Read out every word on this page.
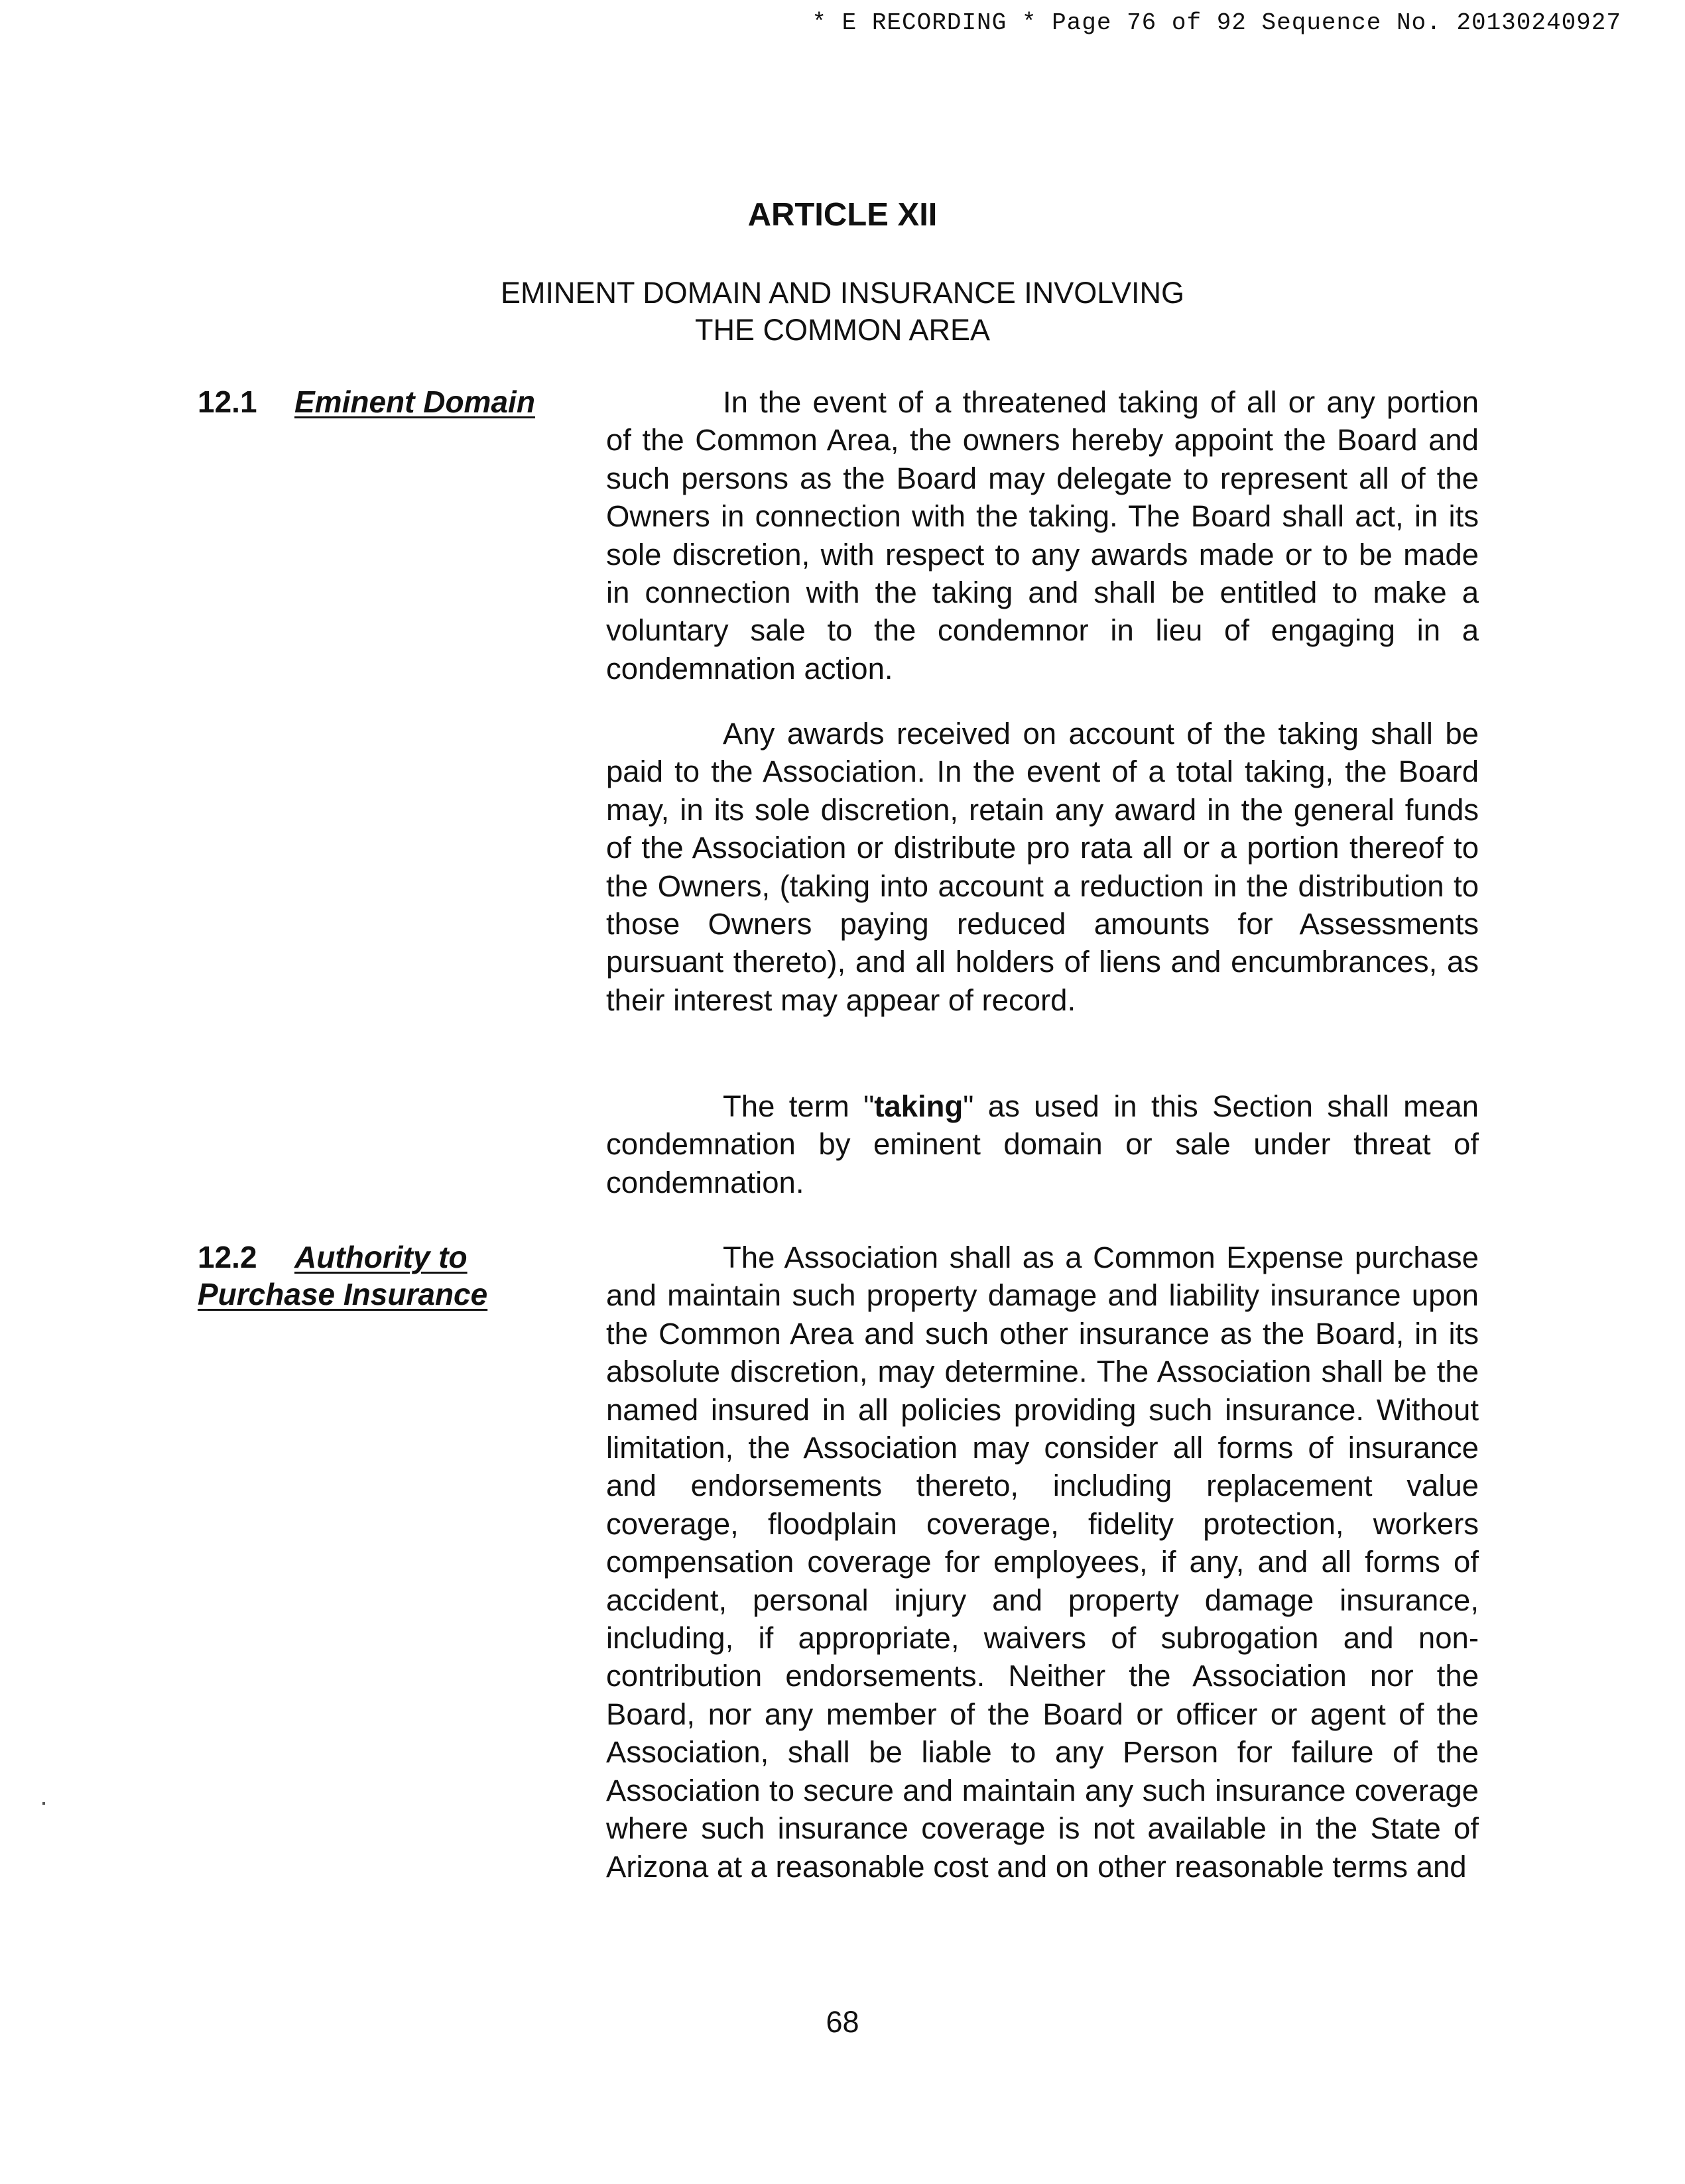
* E RECORDING * Page 76 of 92 Sequence No. 20130240927
ARTICLE XII
EMINENT DOMAIN AND INSURANCE INVOLVING
THE COMMON AREA
12.1 Eminent Domain	In the event of a threatened taking of all or any portion of the Common Area, the owners hereby appoint the Board and such persons as the Board may delegate to represent all of the Owners in connection with the taking. The Board shall act, in its sole discretion, with respect to any awards made or to be made in connection with the taking and shall be entitled to make a voluntary sale to the condemnor in lieu of engaging in a condemnation action.

Any awards received on account of the taking shall be paid to the Association. In the event of a total taking, the Board may, in its sole discretion, retain any award in the general funds of the Association or distribute pro rata all or a portion thereof to the Owners, (taking into account a reduction in the distribution to those Owners paying reduced amounts for Assessments pursuant thereto), and all holders of liens and encumbrances, as their interest may appear of record.

The term "taking" as used in this Section shall mean condemnation by eminent domain or sale under threat of condemnation.

12.2 Authority to
Purchase Insurance

The Association shall as a Common Expense purchase and maintain such property damage and liability insurance upon the Common Area and such other insurance as the Board, in its absolute discretion, may determine. The Association shall be the named insured in all policies providing such insurance. Without limitation, the Association may consider all forms of insurance and endorsements thereto, including replacement value coverage, floodplain coverage, fidelity protection, workers compensation coverage for employees, if any, and all forms of accident, personal injury and property damage insurance, including, if appropriate, waivers of subrogation and non-contribution endorsements. Neither the Association nor the Board, nor any member of the Board or officer or agent of the Association, shall be liable to any Person for failure of the Association to secure and maintain any such insurance coverage where such insurance coverage is not available in the State of Arizona at a reasonable cost and on other reasonable terms and

68
